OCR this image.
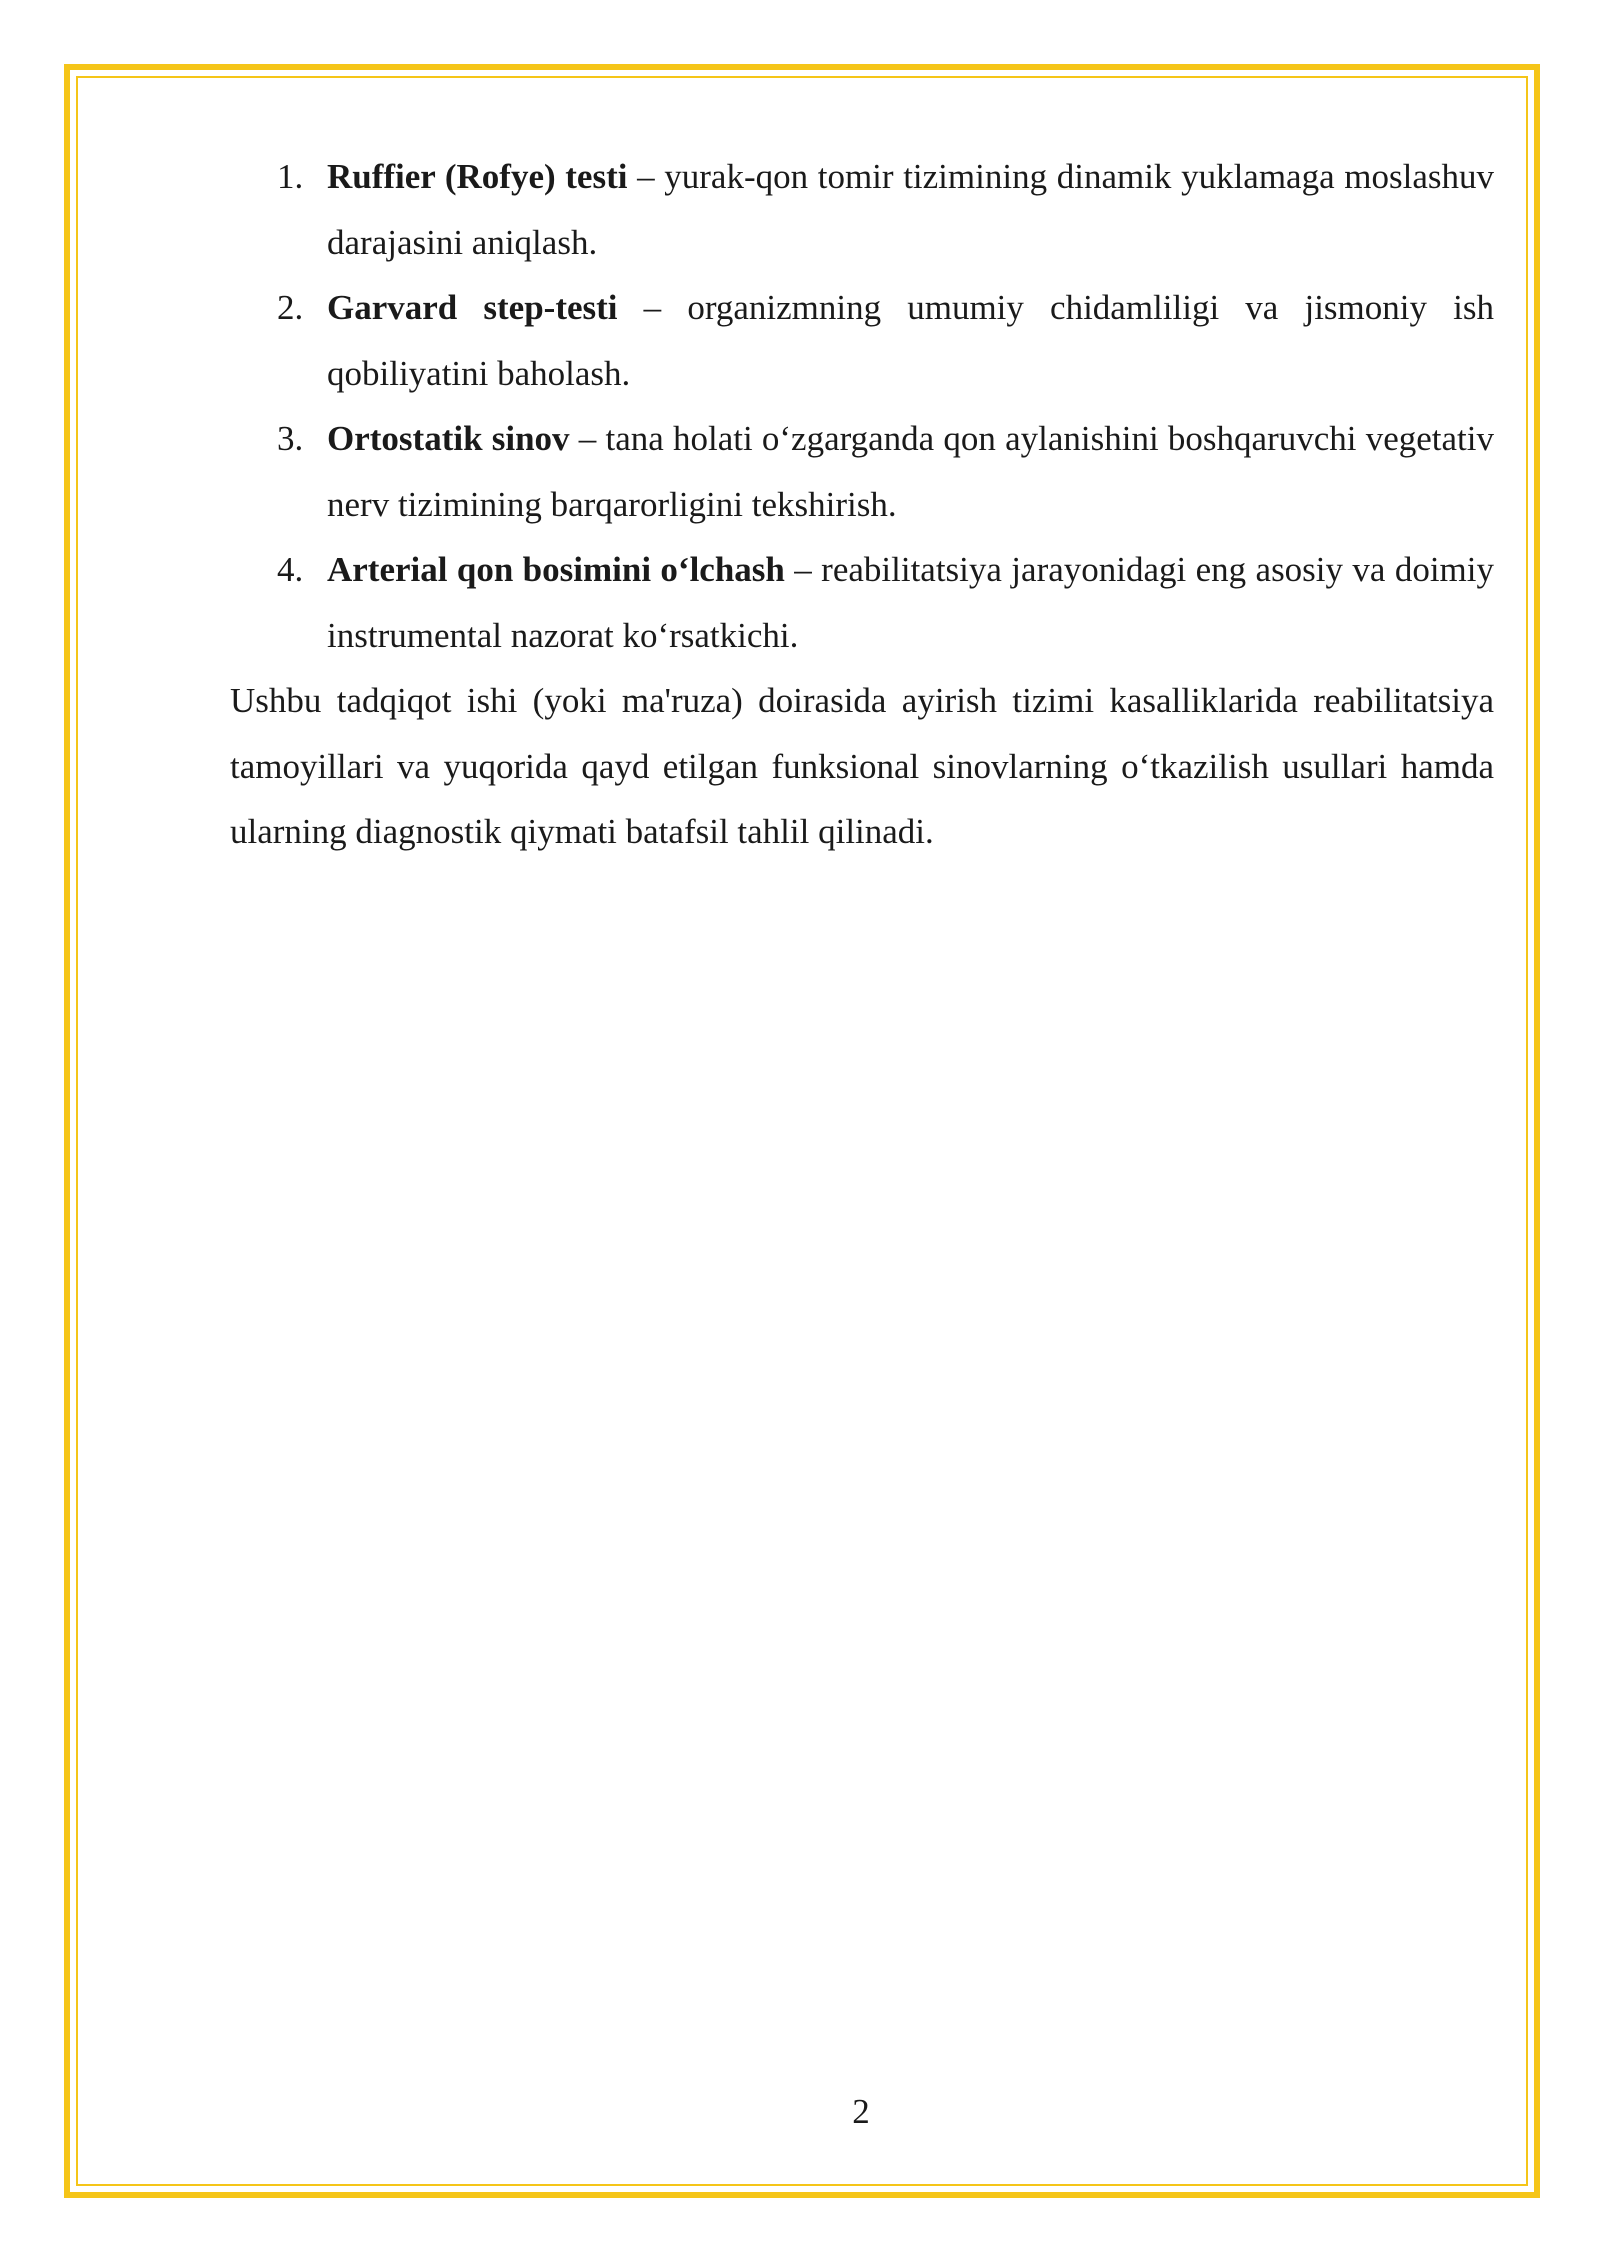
1. Ruffier (Rofye) testi – yurak-qon tomir tizimining dinamik yuklamaga moslashuv darajasini aniqlash.
2. Garvard step-testi – organizmning umumiy chidamliligi va jismoniy ish qobiliyatini baholash.
3. Ortostatik sinov – tana holati o‘zgarganda qon aylanishini boshqaruvchi vegetativ nerv tizimining barqarorligini tekshirish.
4. Arterial qon bosimini o‘lchash – reabilitatsiya jarayonidagi eng asosiy va doimiy instrumental nazorat ko‘rsatkichi.

Ushbu tadqiqot ishi (yoki ma'ruza) doirasida ayirish tizimi kasalliklarida reabilitatsiya tamoyillari va yuqorida qayd etilgan funksional sinovlarning o‘tkazilish usullari hamda ularning diagnostik qiymati batafsil tahlil qilinadi.

2
